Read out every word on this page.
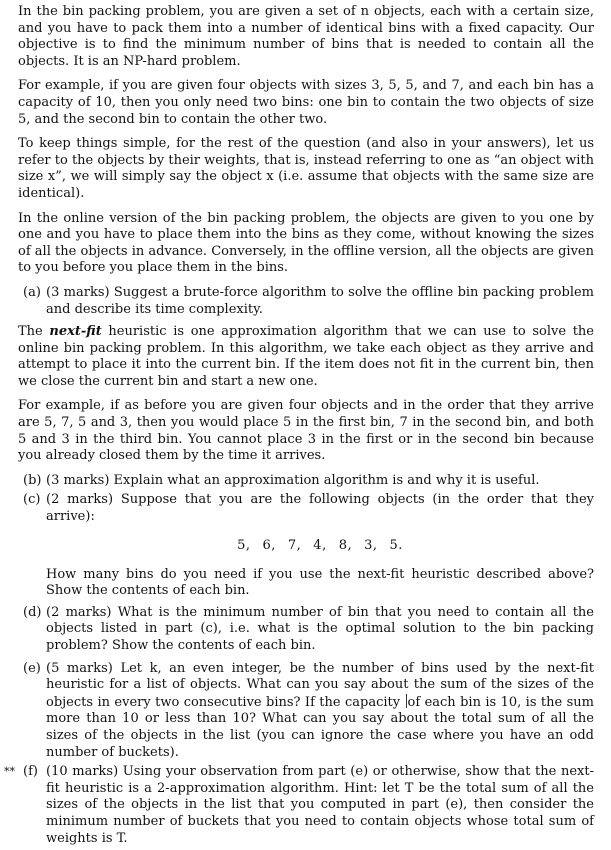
In the bin packing problem, you are given a set of n objects, each with a certain size, and you have to pack them into a number of identical bins with a fixed capacity. Our objective is to find the minimum number of bins that is needed to contain all the objects. It is an NP-hard problem.

For example, if you are given four objects with sizes 3, 5, 5, and 7, and each bin has a capacity of 10, then you only need two bins: one bin to contain the two objects of size 5, and the second bin to contain the other two.

To keep things simple, for the rest of the question (and also in your answers), let us refer to the objects by their weights, that is, instead referring to one as “an object with size x”, we will simply say the object x (i.e. assume that objects with the same size are identical).

In the online version of the bin packing problem, the objects are given to you one by one and you have to place them into the bins as they come, without knowing the sizes of all the objects in advance. Conversely, in the offline version, all the objects are given to you before you place them in the bins.

(a) (3 marks) Suggest a brute-force algorithm to solve the offline bin packing problem and describe its time complexity.

The next-fit heuristic is one approximation algorithm that we can use to solve the online bin packing problem. In this algorithm, we take each object as they arrive and attempt to place it into the current bin. If the item does not fit in the current bin, then we close the current bin and start a new one.

For example, if as before you are given four objects and in the order that they arrive are 5, 7, 5 and 3, then you would place 5 in the first bin, 7 in the second bin, and both 5 and 3 in the third bin. You cannot place 3 in the first or in the second bin because you already closed them by the time it arrives.

(b) (3 marks) Explain what an approximation algorithm is and why it is useful.

(c) (2 marks) Suppose that you are the following objects (in the order that they arrive):

5, 6, 7, 4, 8, 3, 5.

How many bins do you need if you use the next-fit heuristic described above? Show the contents of each bin.

(d) (2 marks) What is the minimum number of bin that you need to contain all the objects listed in part (c), i.e. what is the optimal solution to the bin packing problem? Show the contents of each bin.

(e) (5 marks) Let k, an even integer, be the number of bins used by the next-fit heuristic for a list of objects. What can you say about the sum of the sizes of the objects in every two consecutive bins? If the capacity of each bin is 10, is the sum more than 10 or less than 10? What can you say about the total sum of all the sizes of the objects in the list (you can ignore the case where you have an odd number of buckets).

** (f) (10 marks) Using your observation from part (e) or otherwise, show that the next-fit heuristic is a 2-approximation algorithm. Hint: let T be the total sum of all the sizes of the objects in the list that you computed in part (e), then consider the minimum number of buckets that you need to contain objects whose total sum of weights is T.
